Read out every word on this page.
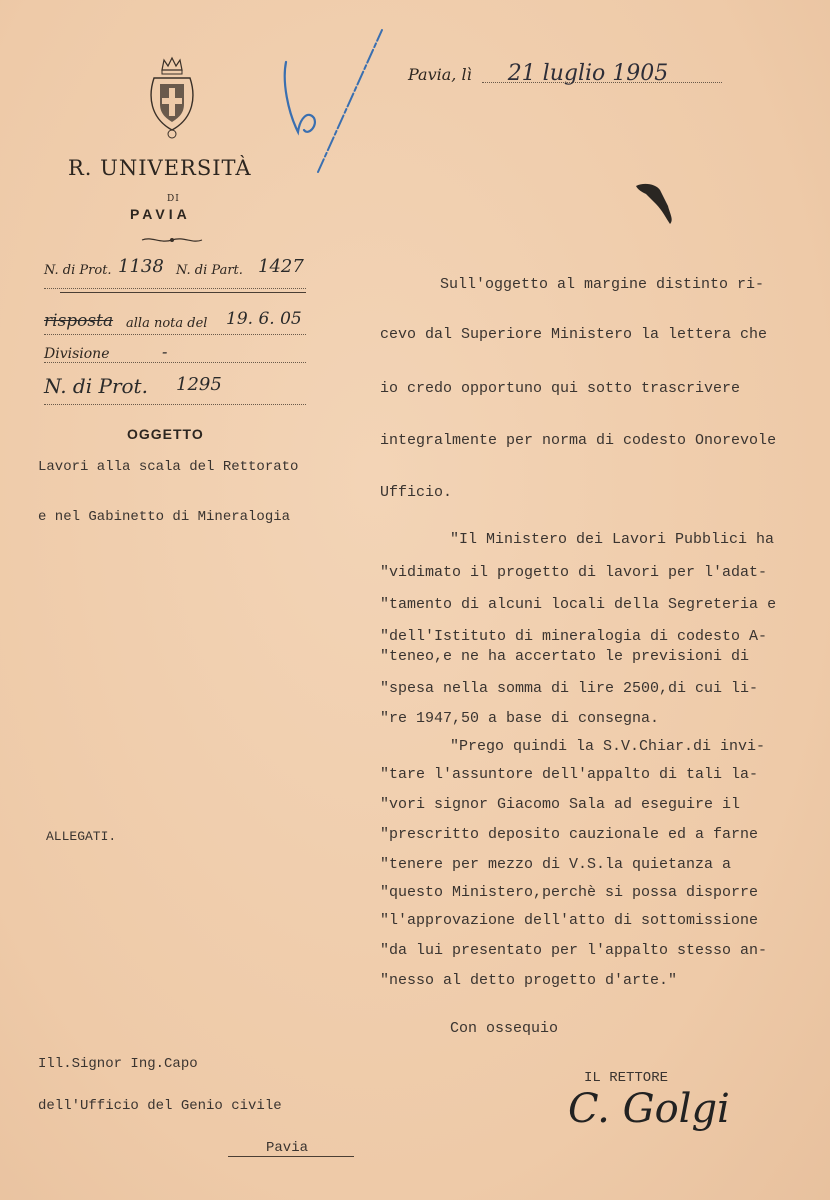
R. UNIVERSITÀ
DI
PAVIA
N. di Prot. 1138 N. di Part. 1427
risposta alla nota del 19. 6. 05
Divisione	-
N. di Prot. 1295
OGGETTO
Lavori alla scala del Rettorato
e nel Gabinetto di Mineralogia
Pavia, lì 21 luglio 1905
Sull'oggetto al margine distinto ri-
cevo dal Superiore Ministero la lettera che
io credo opportuno qui sotto trascrivere
integralmente per norma di codesto Onorevole
Ufficio.
"Il Ministero dei Lavori Pubblici ha
"vidimato il progetto di lavori per l'adat-
"tamento di alcuni locali della Segreteria e
"dell'Istituto di mineralogia di codesto A-
"teneo,e ne ha accertato le previsioni di
"spesa nella somma di lire 2500,di cui li-
"re 1947,50 a base di consegna.
"Prego quindi la S.V.Chiar.di invi-
"tare l'assuntore dell'appalto di tali la-
"vori signor Giacomo Sala ad eseguire il
"prescritto deposito cauzionale ed a farne
"tenere per mezzo di V.S.la quietanza a
"questo Ministero,perchè si possa disporre
"l'approvazione dell'atto di sottomissione
"da lui presentato per l'appalto stesso an-
"nesso al detto progetto d'arte."
Con ossequio
ALLEGATI.
Ill.Signor Ing.Capo
dell'Ufficio del Genio civile
Pavia
IL RETTORE
C. Golgi
